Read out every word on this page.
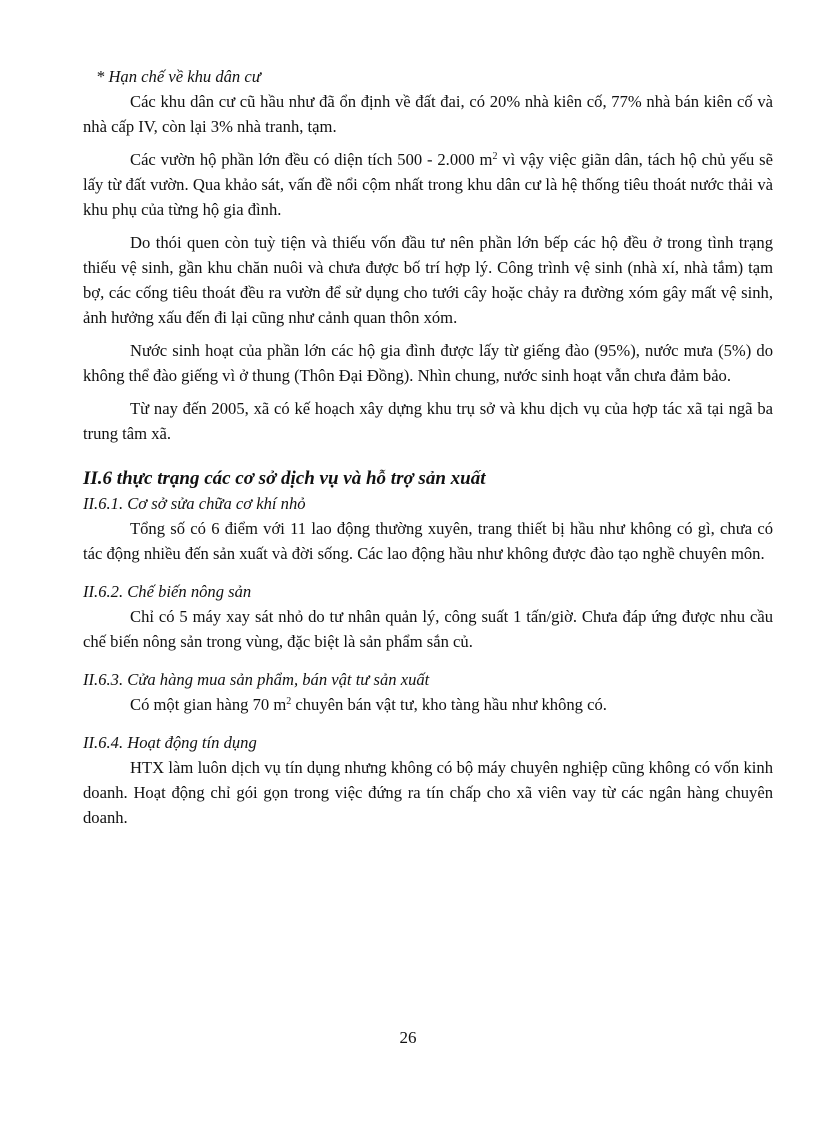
* Hạn chế về khu dân cư

Các khu dân cư cũ hầu như đã ổn định về đất đai, có 20% nhà kiên cố, 77% nhà bán kiên cố và nhà cấp IV, còn lại 3% nhà tranh, tạm.

Các vườn hộ phần lớn đều có diện tích 500 - 2.000 $m^2$ vì vậy việc giãn dân, tách hộ chủ yếu sẽ lấy từ đất vườn. Qua khảo sát, vấn đề nổi cộm nhất trong khu dân cư là hệ thống tiêu thoát nước thải và khu phụ của từng hộ gia đình.

Do thói quen còn tuỳ tiện và thiếu vốn đầu tư nên phần lớn bếp các hộ đều ở trong tình trạng thiếu vệ sinh, gần khu chăn nuôi và chưa được bố trí hợp lý. Công trình vệ sinh (nhà xí, nhà tắm) tạm bợ, các cống tiêu thoát đều ra vườn để sử dụng cho tưới cây hoặc chảy ra đường xóm gây mất vệ sinh, ảnh hưởng xấu đến đi lại cũng như cảnh quan thôn xóm.

Nước sinh hoạt của phần lớn các hộ gia đình được lấy từ giếng đào (95%), nước mưa (5%) do không thể đào giếng vì ở thung (Thôn Đại Đồng). Nhìn chung, nước sinh hoạt vẫn chưa đảm bảo.

Từ nay đến 2005, xã có kế hoạch xây dựng khu trụ sở và khu dịch vụ của hợp tác xã tại ngã ba trung tâm xã.

II.6 thực trạng các cơ sở dịch vụ và hỗ trợ sản xuất
II.6.1. Cơ sở sửa chữa cơ khí nhỏ

Tổng số có 6 điểm với 11 lao động thường xuyên, trang thiết bị hầu như không có gì, chưa có tác động nhiều đến sản xuất và đời sống. Các lao động hầu như không được đào tạo nghề chuyên môn.

II.6.2. Chế biến nông sản

Chỉ có 5 máy xay sát nhỏ do tư nhân quản lý, công suất 1 tấn/giờ. Chưa đáp ứng được nhu cầu chế biến nông sản trong vùng, đặc biệt là sản phẩm sắn củ.

II.6.3. Cửa hàng mua sản phẩm, bán vật tư sản xuất

Có một gian hàng 70 $m^2$ chuyên bán vật tư, kho tàng hầu như không có.

II.6.4. Hoạt động tín dụng

HTX làm luôn dịch vụ tín dụng nhưng không có bộ máy chuyên nghiệp cũng không có vốn kinh doanh. Hoạt động chỉ gói gọn trong việc đứng ra tín chấp cho xã viên vay từ các ngân hàng chuyên doanh.

26
